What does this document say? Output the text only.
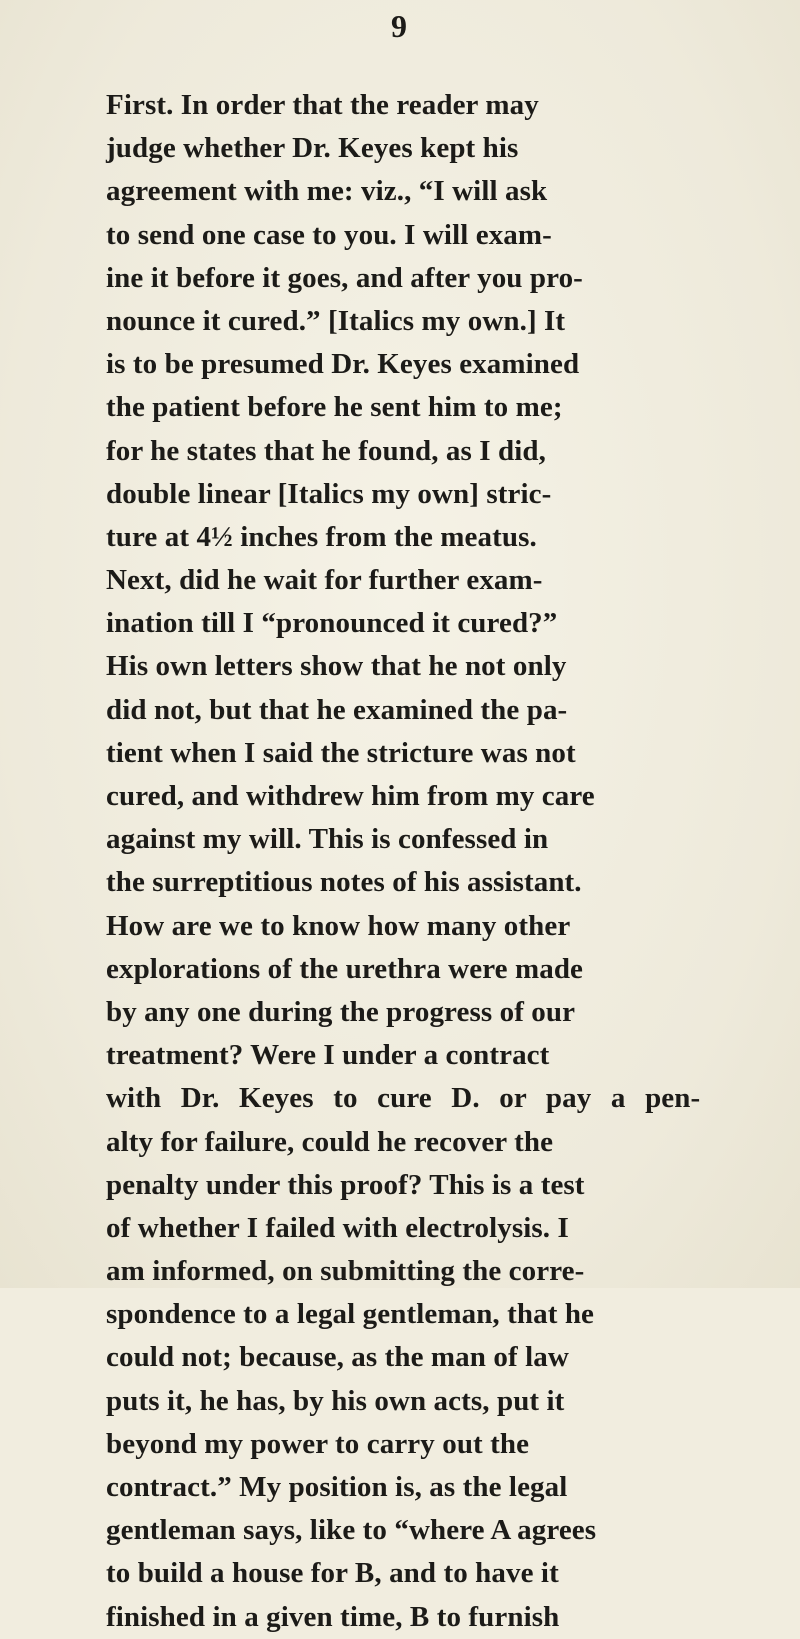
9
First. In order that the reader may
judge whether Dr. Keyes kept his
agreement with me: viz., “I will ask
to send one case to you. I will exam-
ine it before it goes, and after you pro-
nounce it cured.” [Italics my own.] It
is to be presumed Dr. Keyes examined
the patient before he sent him to me;
for he states that he found, as I did,
double linear [Italics my own] stric-
ture at 4½ inches from the meatus.
Next, did he wait for further exam-
ination till I “pronounced it cured?”
His own letters show that he not only
did not, but that he examined the pa-
tient when I said the stricture was not
cured, and withdrew him from my care
against my will. This is confessed in
the surreptitious notes of his assistant.
How are we to know how many other
explorations of the urethra were made
by any one during the progress of our
treatment? Were I under a contract
with Dr. Keyes to cure D. or pay a pen-
alty for failure, could he recover the
penalty under this proof? This is a test
of whether I failed with electrolysis. I
am informed, on submitting the corre-
spondence to a legal gentleman, that he
could not; because, as the man of law
puts it, he has, by his own acts, put it
beyond my power to carry out the
contract.” My position is, as the legal
gentleman says, like to “where A agrees
to build a house for B, and to have it
finished in a given time, B to furnish
